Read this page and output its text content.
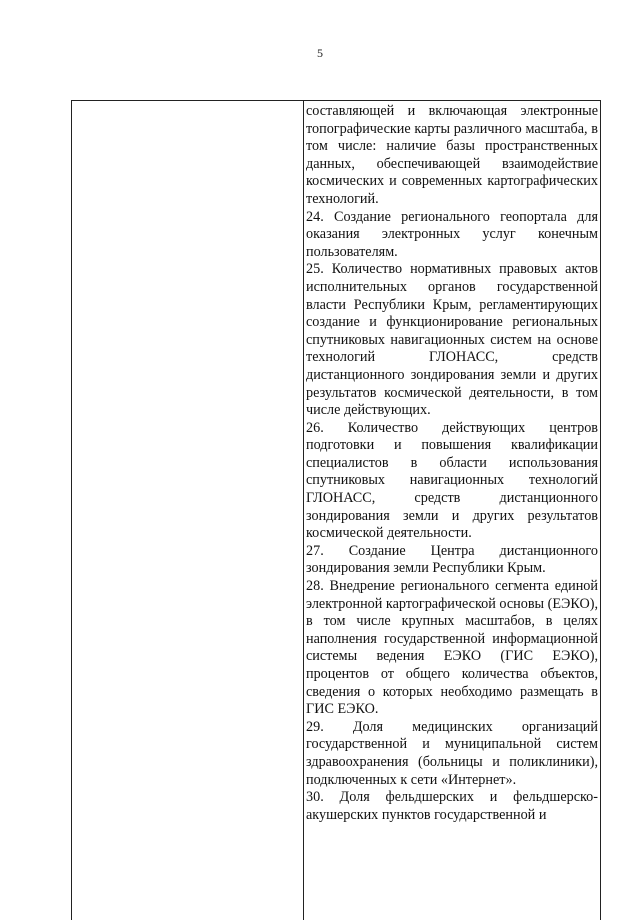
5

составляющей и включающая электронные топографические карты различного масштаба, в том числе: наличие базы пространственных данных, обеспечивающей взаимодействие космических и современных картографических технологий.

24. Создание регионального геопортала для оказания электронных услуг конечным пользователям.

25. Количество нормативных правовых актов исполнительных органов государственной власти Республики Крым, регламентирующих создание и функционирование региональных спутниковых навигационных систем на основе технологий ГЛОНАСС, средств дистанционного зондирования земли и других результатов космической деятельности, в том числе действующих.

26. Количество действующих центров подготовки и повышения квалификации специалистов в области использования спутниковых навигационных технологий ГЛОНАСС, средств дистанционного зондирования земли и других результатов космической деятельности.

27. Создание Центра дистанционного зондирования земли Республики Крым.

28. Внедрение регионального сегмента единой электронной картографической основы (ЕЭКО), в том числе крупных масштабов, в целях наполнения государственной информационной системы ведения ЕЭКО (ГИС ЕЭКО), процентов от общего количества объектов, сведения о которых необходимо размещать в ГИС ЕЭКО.

29. Доля медицинских организаций государственной и муниципальной систем здравоохранения (больницы и поликлиники), подключенных к сети «Интернет».

30. Доля фельдшерских и фельдшерско-акушерских пунктов государственной и
